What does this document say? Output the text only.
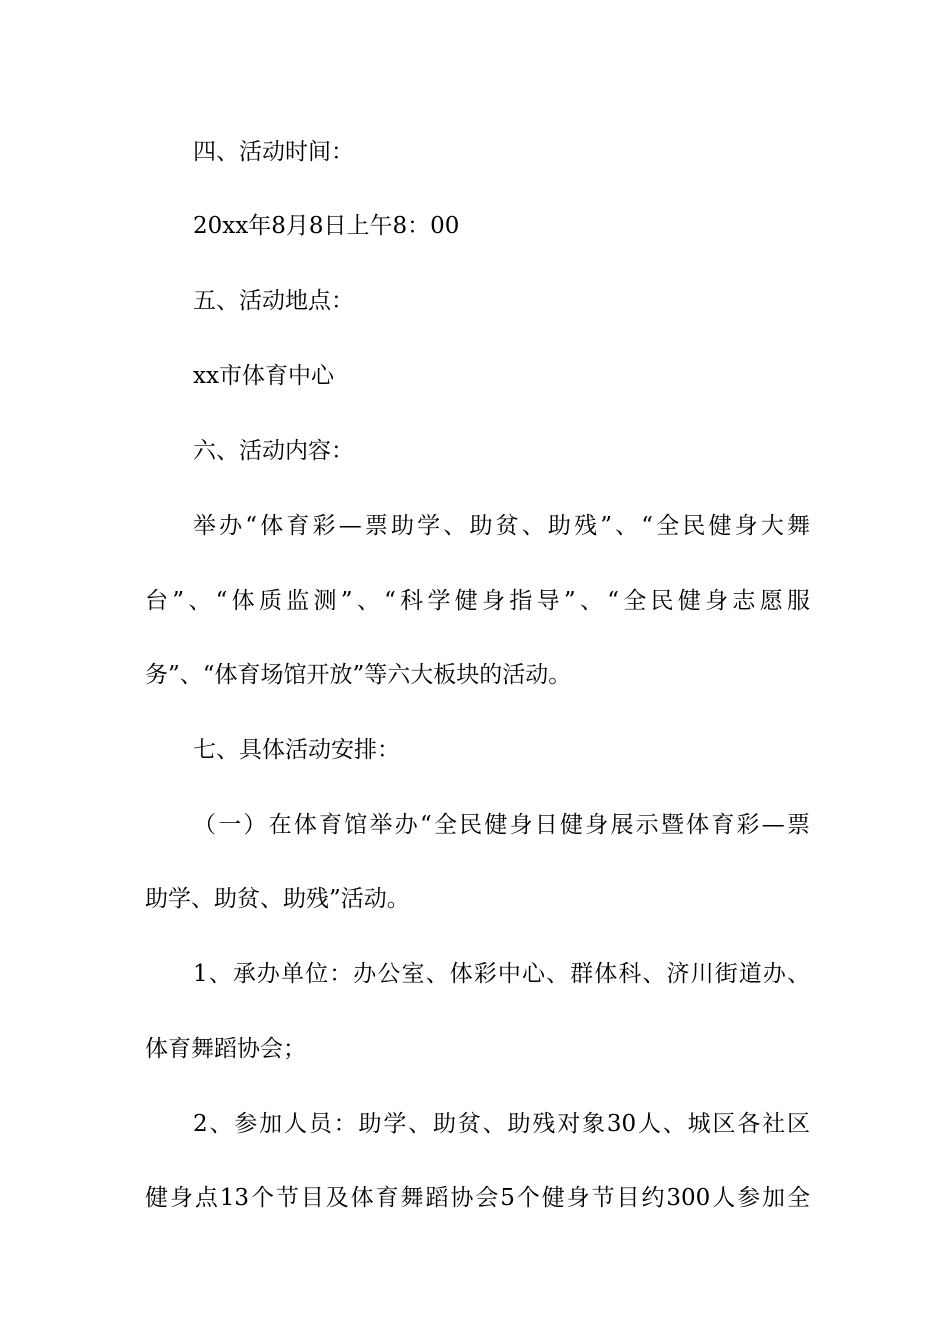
四、活动时间：
20xx年8月8日上午8：00
五、活动地点：
xx市体育中心
六、活动内容：
举办“体育彩—票助学、助贫、助残”、“全民健身大舞
台”、“体质监测”、“科学健身指导”、“全民健身志愿服
务”、“体育场馆开放”等六大板块的活动。
七、具体活动安排：
（一）在体育馆举办“全民健身日健身展示暨体育彩—票
助学、助贫、助残”活动。
1、承办单位：办公室、体彩中心、群体科、济川街道办、
体育舞蹈协会；
2、参加人员：助学、助贫、助残对象30人、城区各社区
健身点13个节目及体育舞蹈协会5个健身节目约300人参加全
